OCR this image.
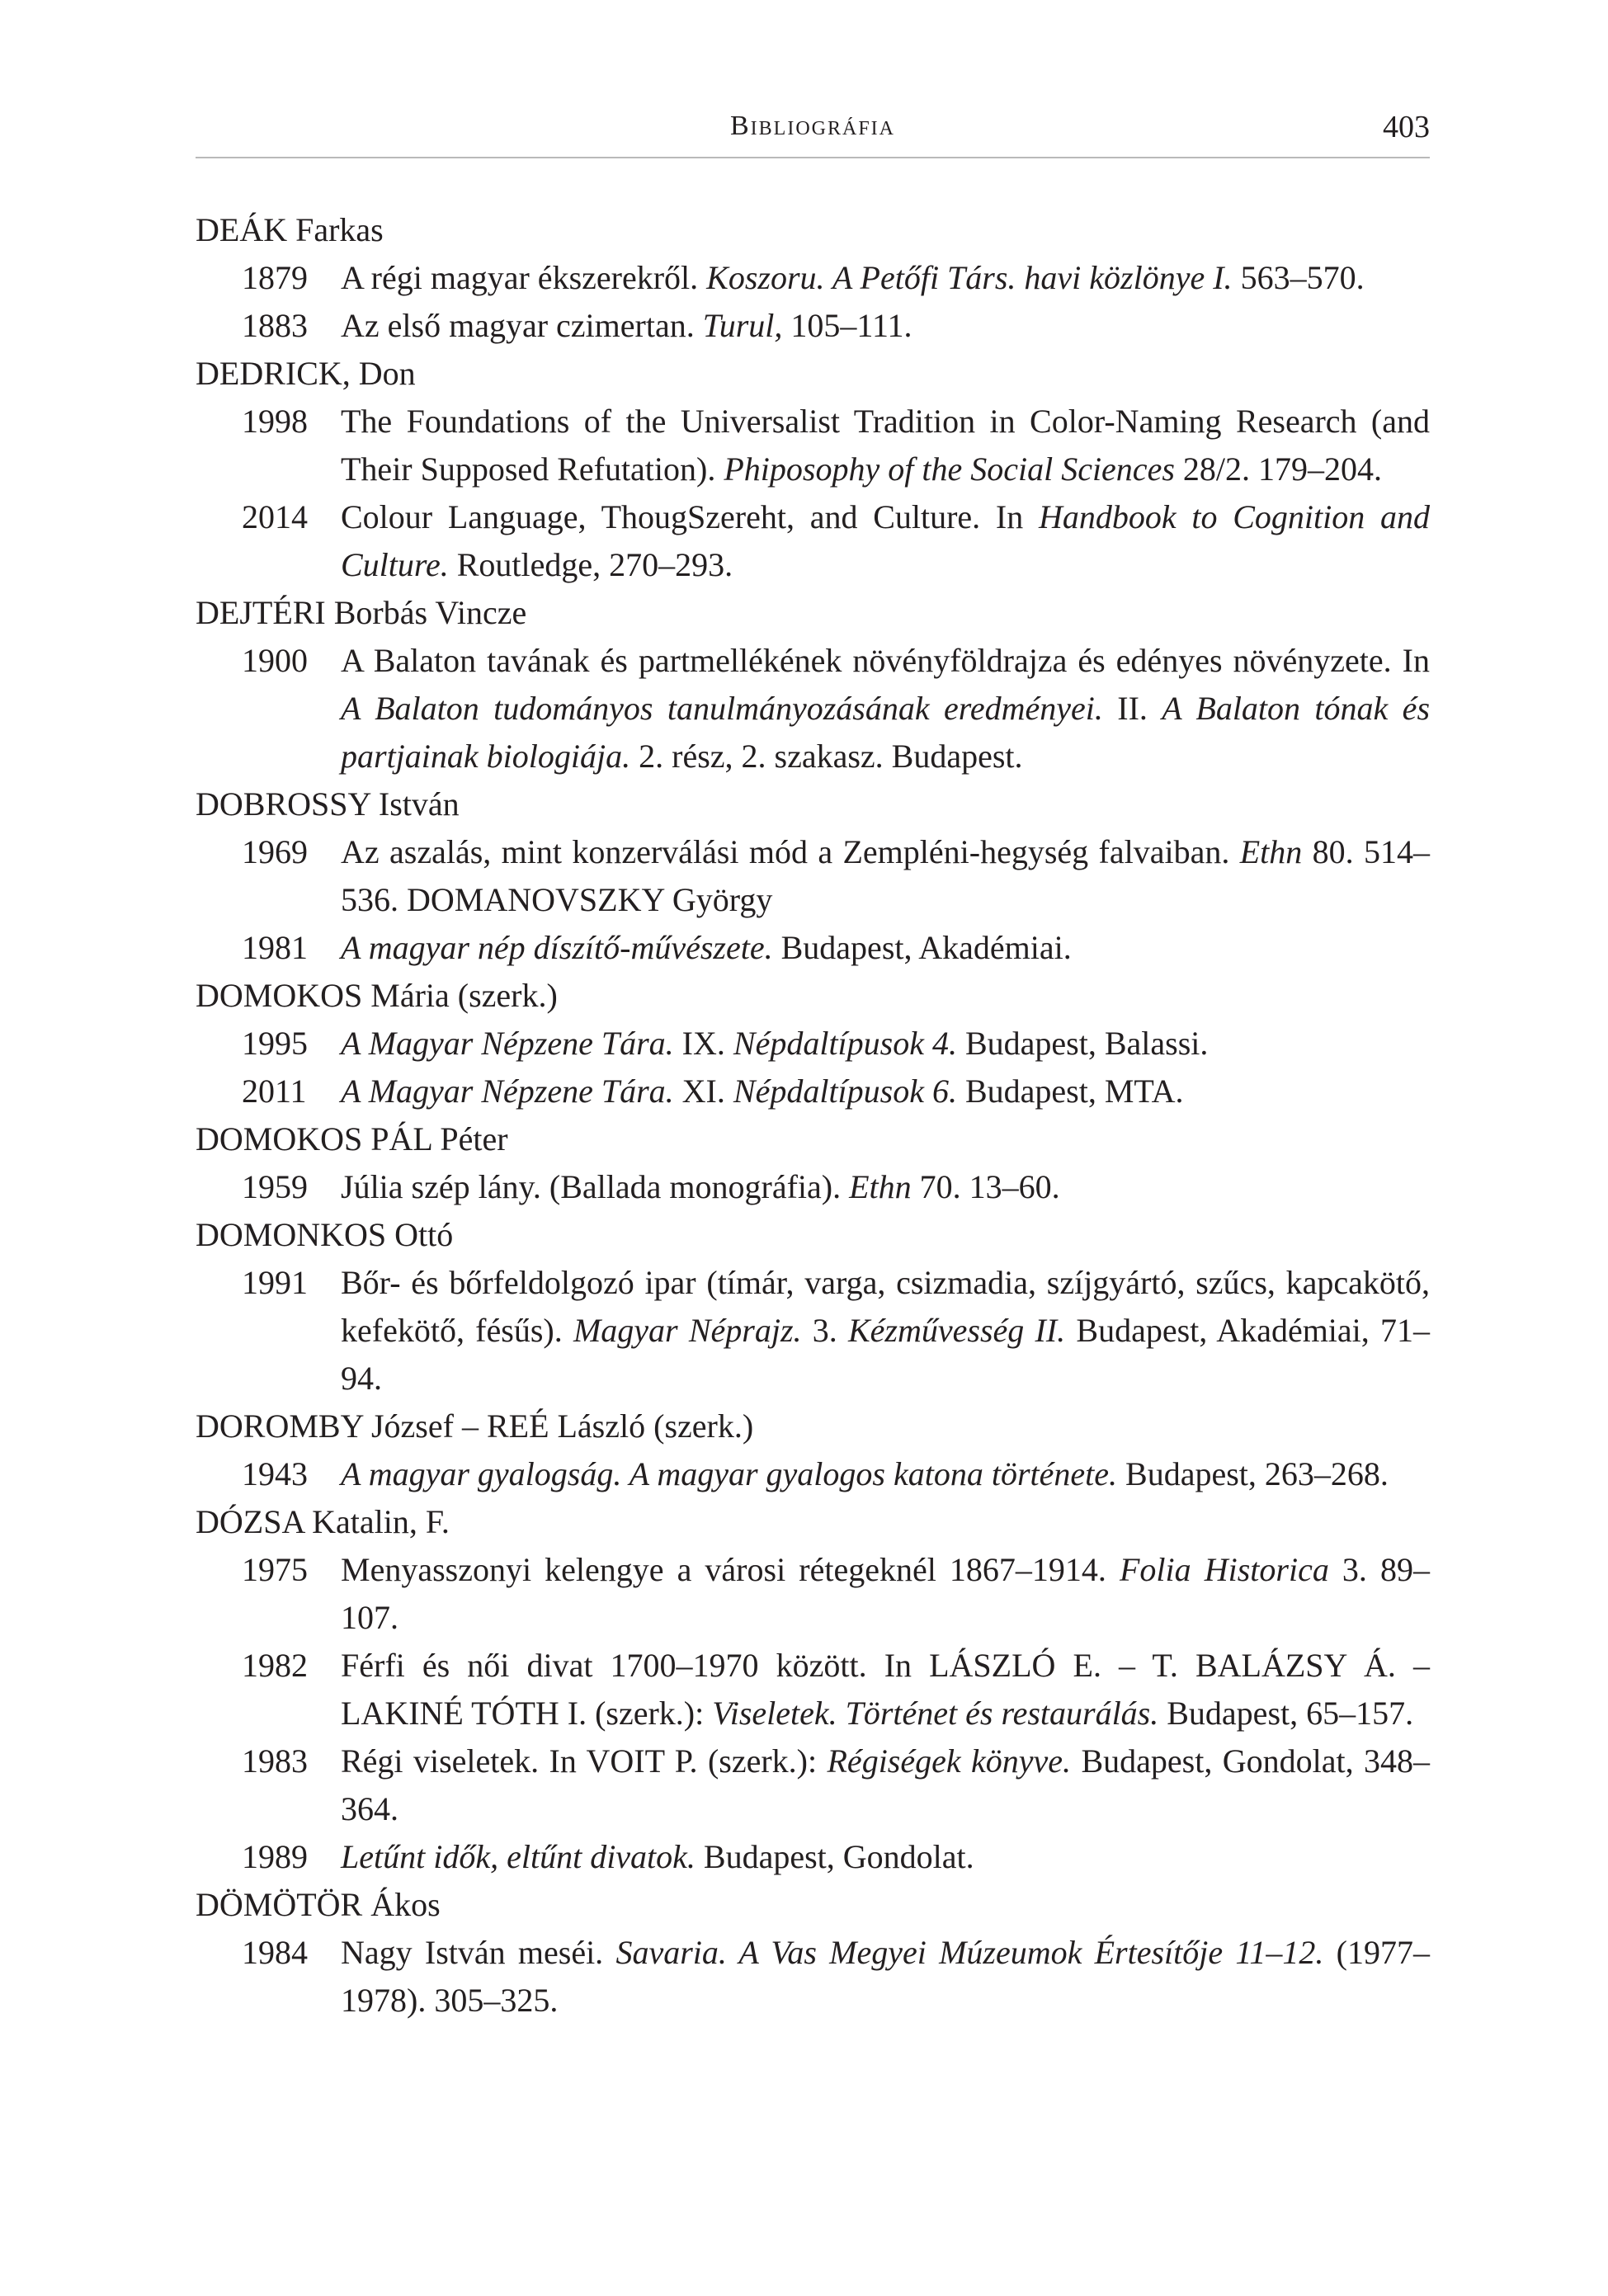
Bibliográfia	403
DEÁK Farkas
1879	A régi magyar ékszerekről. Koszoru. A Petőfi Társ. havi közlönye I. 563–570.
1883	Az első magyar czimertan. Turul, 105–111.
DEDRICK, Don
1998	The Foundations of the Universalist Tradition in Color-Naming Research (and Their Supposed Refutation). Phiposophy of the Social Sciences 28/2. 179–204.
2014	Colour Language, ThougSzereht, and Culture. In Handbook to Cognition and Culture. Routledge, 270–293.
DEJTÉRI Borbás Vincze
1900	A Balaton tavának és partmellékének növényföldrajza és edényes növényzete. In A Balaton tudományos tanulmányozásának eredményei. II. A Balaton tónak és partjainak biologiája. 2. rész, 2. szakasz. Budapest.
DOBROSSY István
1969	Az aszalás, mint konzerválási mód a Zempléni-hegység falvaiban. Ethn 80. 514–536. DOMANOVSZKY György
1981	A magyar nép díszítő-művészete. Budapest, Akadémiai.
DOMOKOS Mária (szerk.)
1995	A Magyar Népzene Tára. IX. Népdaltípusok 4. Budapest, Balassi.
2011	A Magyar Népzene Tára. XI. Népdaltípusok 6. Budapest, MTA.
DOMOKOS PÁL Péter
1959	Júlia szép lány. (Ballada monográfia). Ethn 70. 13–60.
DOMONKOS Ottó
1991	Bőr- és bőrfeldolgozó ipar (tímár, varga, csizmadia, szíjgyártó, szűcs, kapcakötő, kefekötő, fésűs). Magyar Néprajz. 3. Kézművesség II. Budapest, Akadémiai, 71–94.
DOROMBY József – REÉ László (szerk.)
1943	A magyar gyalogság. A magyar gyalogos katona története. Budapest, 263–268.
DÓZSA Katalin, F.
1975	Menyasszonyi kelengye a városi rétegeknél 1867–1914. Folia Historica 3. 89–107.
1982	Férfi és női divat 1700–1970 között. In LÁSZLÓ E. – T. BALÁZSY Á. – LAKINÉ TÓTH I. (szerk.): Viseletek. Történet és restaurálás. Budapest, 65–157.
1983	Régi viseletek. In VOIT P. (szerk.): Régiségek könyve. Budapest, Gondolat, 348–364.
1989	Letűnt idők, eltűnt divatok. Budapest, Gondolat.
DÖMÖTÖR Ákos
1984	Nagy István meséi. Savaria. A Vas Megyei Múzeumok Értesítője 11–12. (1977–1978). 305–325.
